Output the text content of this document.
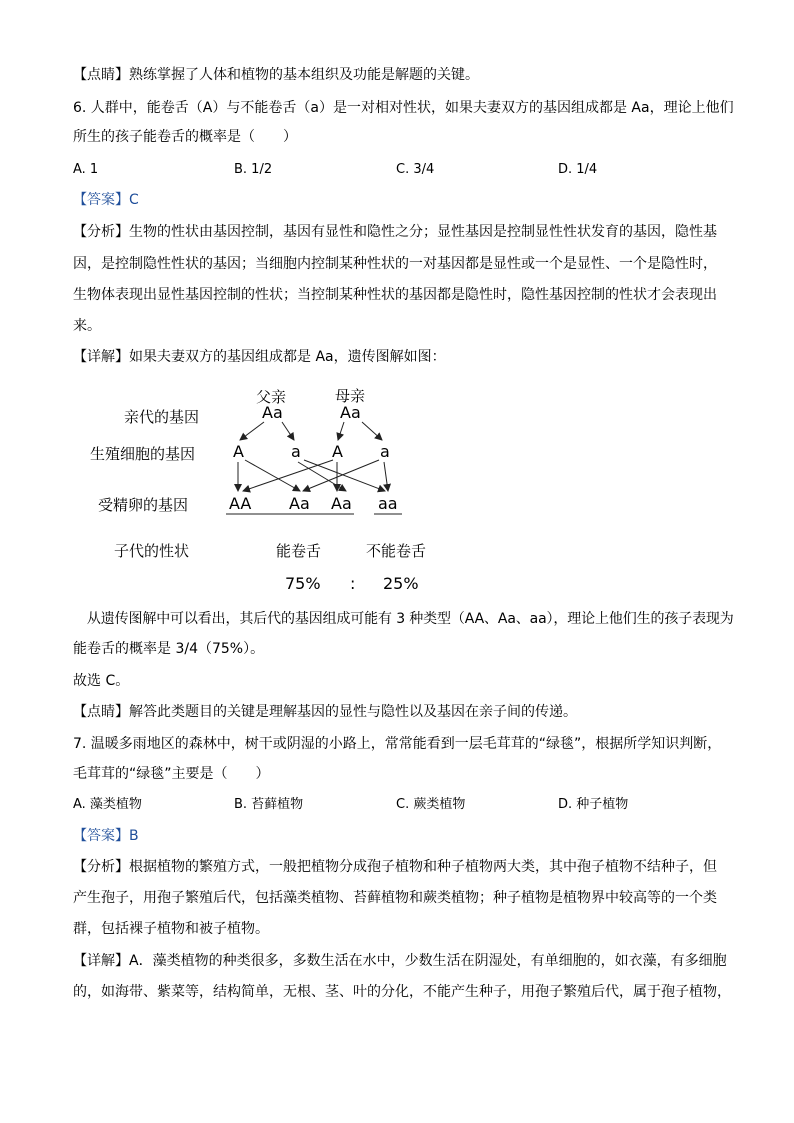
【点睛】熟练掌握了人体和植物的基本组织及功能是解题的关键。
6. 人群中，能卷舌（A）与不能卷舌（a）是一对相对性状，如果夫妻双方的基因组成都是 Aa，理论上他们
所生的孩子能卷舌的概率是（　　）
A. 1	B. 1/2	C. 3/4	D. 1/4
【答案】C
【分析】生物的性状由基因控制，基因有显性和隐性之分；显性基因是控制显性性状发育的基因，隐性基
因，是控制隐性性状的基因；当细胞内控制某种性状的一对基因都是显性或一个是显性、一个是隐性时，
生物体表现出显性基因控制的性状；当控制某种性状的基因都是隐性时，隐性基因控制的性状才会表现出
来。
【详解】如果夫妻双方的基因组成都是 Aa，遗传图解如图：
父亲	母亲
Aa	Aa
亲代的基因
生殖细胞的基因
受精卵的基因
子代的性状
A	a A a
AA Aa Aa aa
能卷舌	不能卷舌
75% : 25%
　从遗传图解中可以看出，其后代的基因组成可能有 3 种类型（AA、Aa、aa），理论上他们生的孩子表现为
能卷舌的概率是 3/4（75%）。
故选 C。
【点睛】解答此类题目的关键是理解基因的显性与隐性以及基因在亲子间的传递。
7. 温暖多雨地区的森林中，树干或阴湿的小路上，常常能看到一层毛茸茸的“绿毯”，根据所学知识判断，
毛茸茸的“绿毯”主要是（　　）
A. 藻类植物	B. 苔藓植物	C. 蕨类植物	D. 种子植物
【答案】B
【分析】根据植物的繁殖方式，一般把植物分成孢子植物和种子植物两大类，其中孢子植物不结种子，但
产生孢子，用孢子繁殖后代，包括藻类植物、苔藓植物和蕨类植物；种子植物是植物界中较高等的一个类
群，包括裸子植物和被子植物。
【详解】A．藻类植物的种类很多，多数生活在水中，少数生活在阴湿处，有单细胞的，如衣藻，有多细胞
的，如海带、紫菜等，结构简单，无根、茎、叶的分化，不能产生种子，用孢子繁殖后代，属于孢子植物，
